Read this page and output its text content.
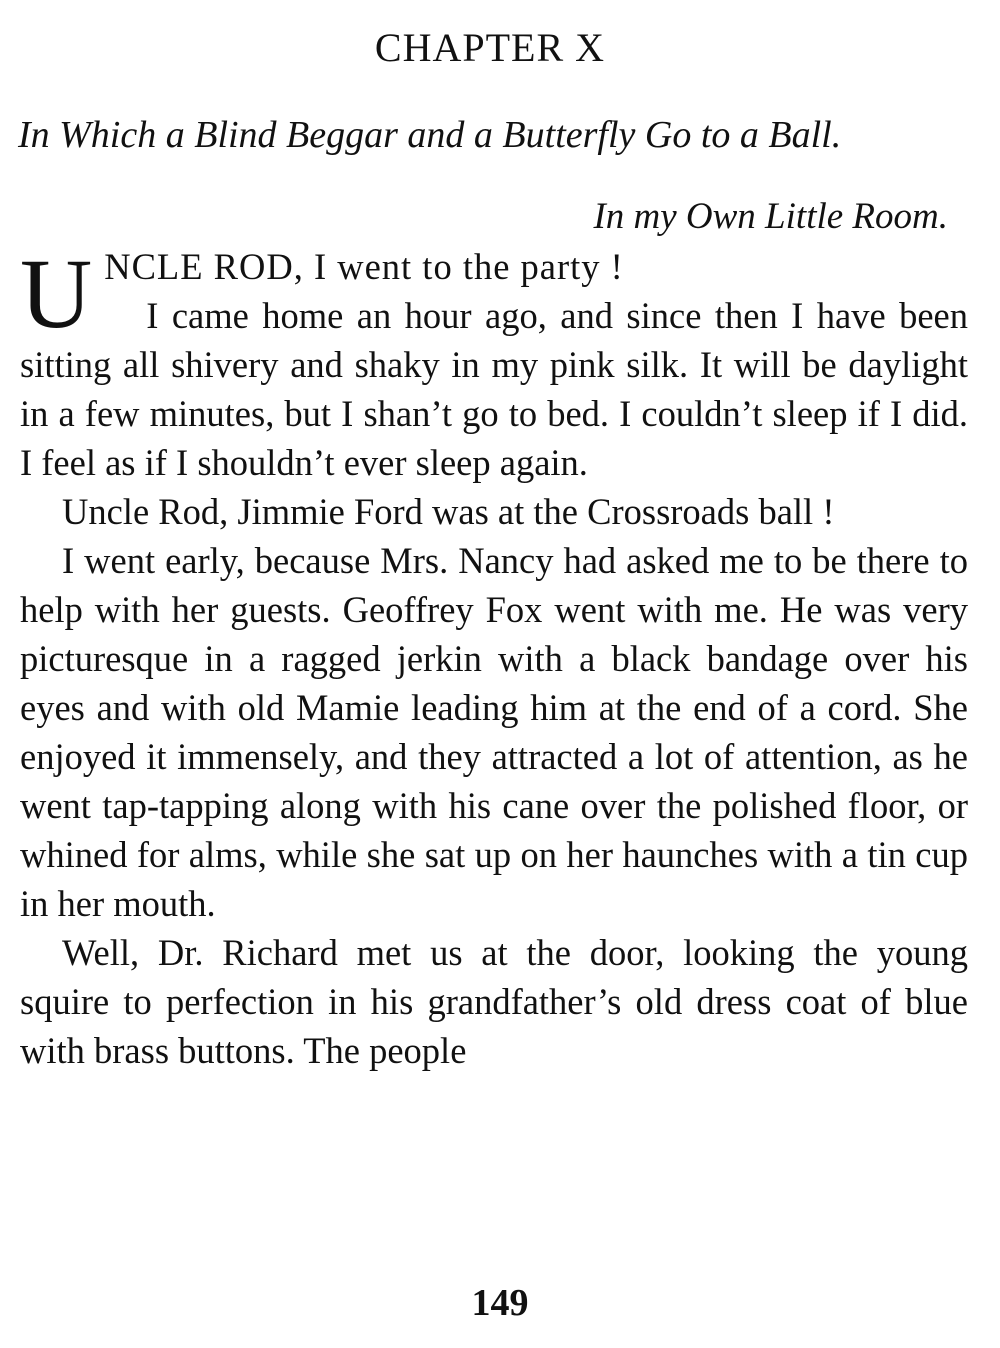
CHAPTER X
In Which a Blind Beggar and a Butterfly Go to a Ball.
In my Own Little Room.

U NCLE ROD, I went to the party !

I came home an hour ago, and since then I have been sitting all shivery and shaky in my pink silk. It will be daylight in a few minutes, but I shan’t go to bed. I couldn’t sleep if I did. I feel as if I shouldn’t ever sleep again.

Uncle Rod, Jimmie Ford was at the Crossroads ball !

I went early, because Mrs. Nancy had asked me to be there to help with her guests. Geoffrey Fox went with me. He was very picturesque in a ragged jerkin with a black bandage over his eyes and with old Mamie leading him at the end of a cord. She enjoyed it immensely, and they attracted a lot of attention, as he went tap-tapping along with his cane over the polished floor, or whined for alms, while she sat up on her haunches with a tin cup in her mouth.

Well, Dr. Richard met us at the door, looking the young squire to perfection in his grandfather’s old dress coat of blue with brass buttons. The people

149
